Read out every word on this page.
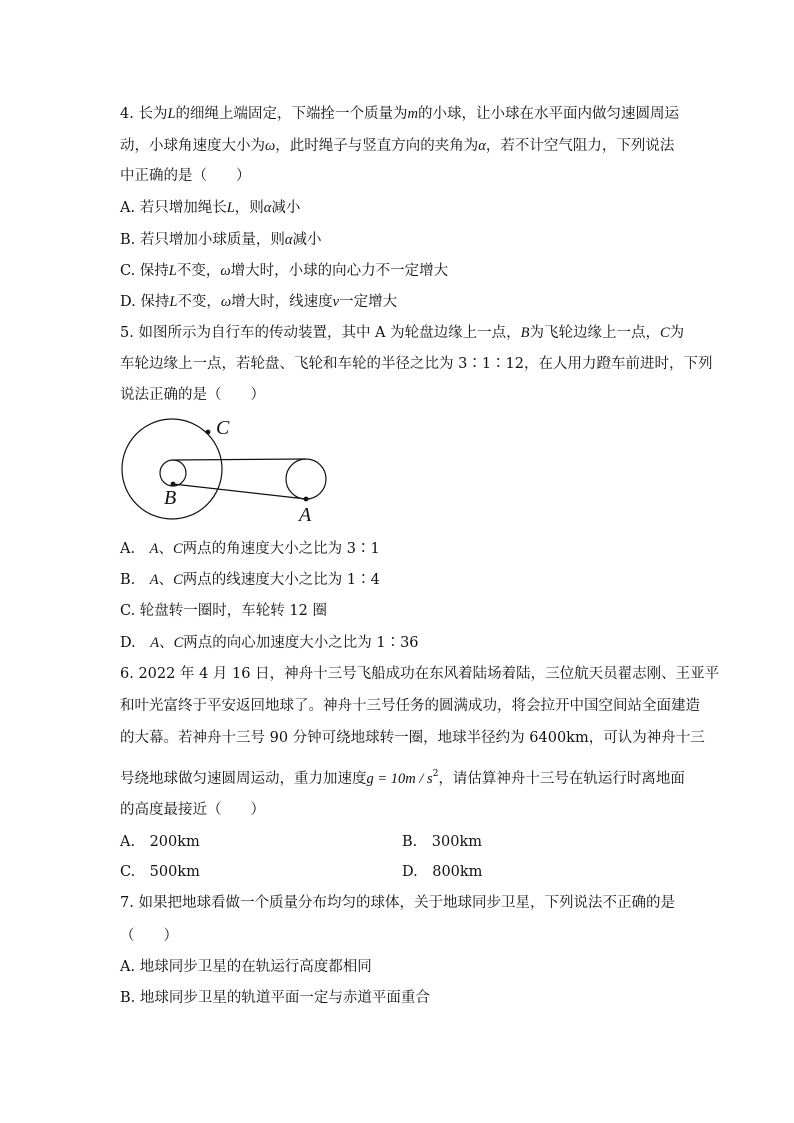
4. 长为L的细绳上端固定，下端拴一个质量为m的小球，让小球在水平面内做匀速圆周运
动，小球角速度大小为ω，此时绳子与竖直方向的夹角为α，若不计空气阻力，下列说法
中正确的是（　　）
A. 若只增加绳长L，则α减小
B. 若只增加小球质量，则α减小
C. 保持L不变，ω增大时，小球的向心力不一定增大
D. 保持L不变，ω增大时，线速度v一定增大
5. 如图所示为自行车的传动装置，其中 A 为轮盘边缘上一点，B为飞轮边缘上一点，C为
车轮边缘上一点，若轮盘、飞轮和车轮的半径之比为 3∶1∶12，在人用力蹬车前进时，下列
说法正确的是（　　）
C
B
A
A.　A、C两点的角速度大小之比为 3∶1
B.　A、C两点的线速度大小之比为 1∶4
C. 轮盘转一圈时，车轮转 12 圈
D.　A、C两点的向心加速度大小之比为 1∶36
6. 2022 年 4 月 16 日，神舟十三号飞船成功在东风着陆场着陆，三位航天员翟志刚、王亚平
和叶光富终于平安返回地球了。神舟十三号任务的圆满成功，将会拉开中国空间站全面建造
的大幕。若神舟十三号 90 分钟可绕地球转一圈，地球半径约为 6400km，可认为神舟十三
号绕地球做匀速圆周运动，重力加速度$g = 10m / s^2$，请估算神舟十三号在轨运行时离地面
的高度最接近（　　）
A.　200km	B.　300km
C.　500km	D.　800km
7. 如果把地球看做一个质量分布均匀的球体，关于地球同步卫星，下列说法不正确的是
（　　）
A. 地球同步卫星的在轨运行高度都相同
B. 地球同步卫星的轨道平面一定与赤道平面重合
